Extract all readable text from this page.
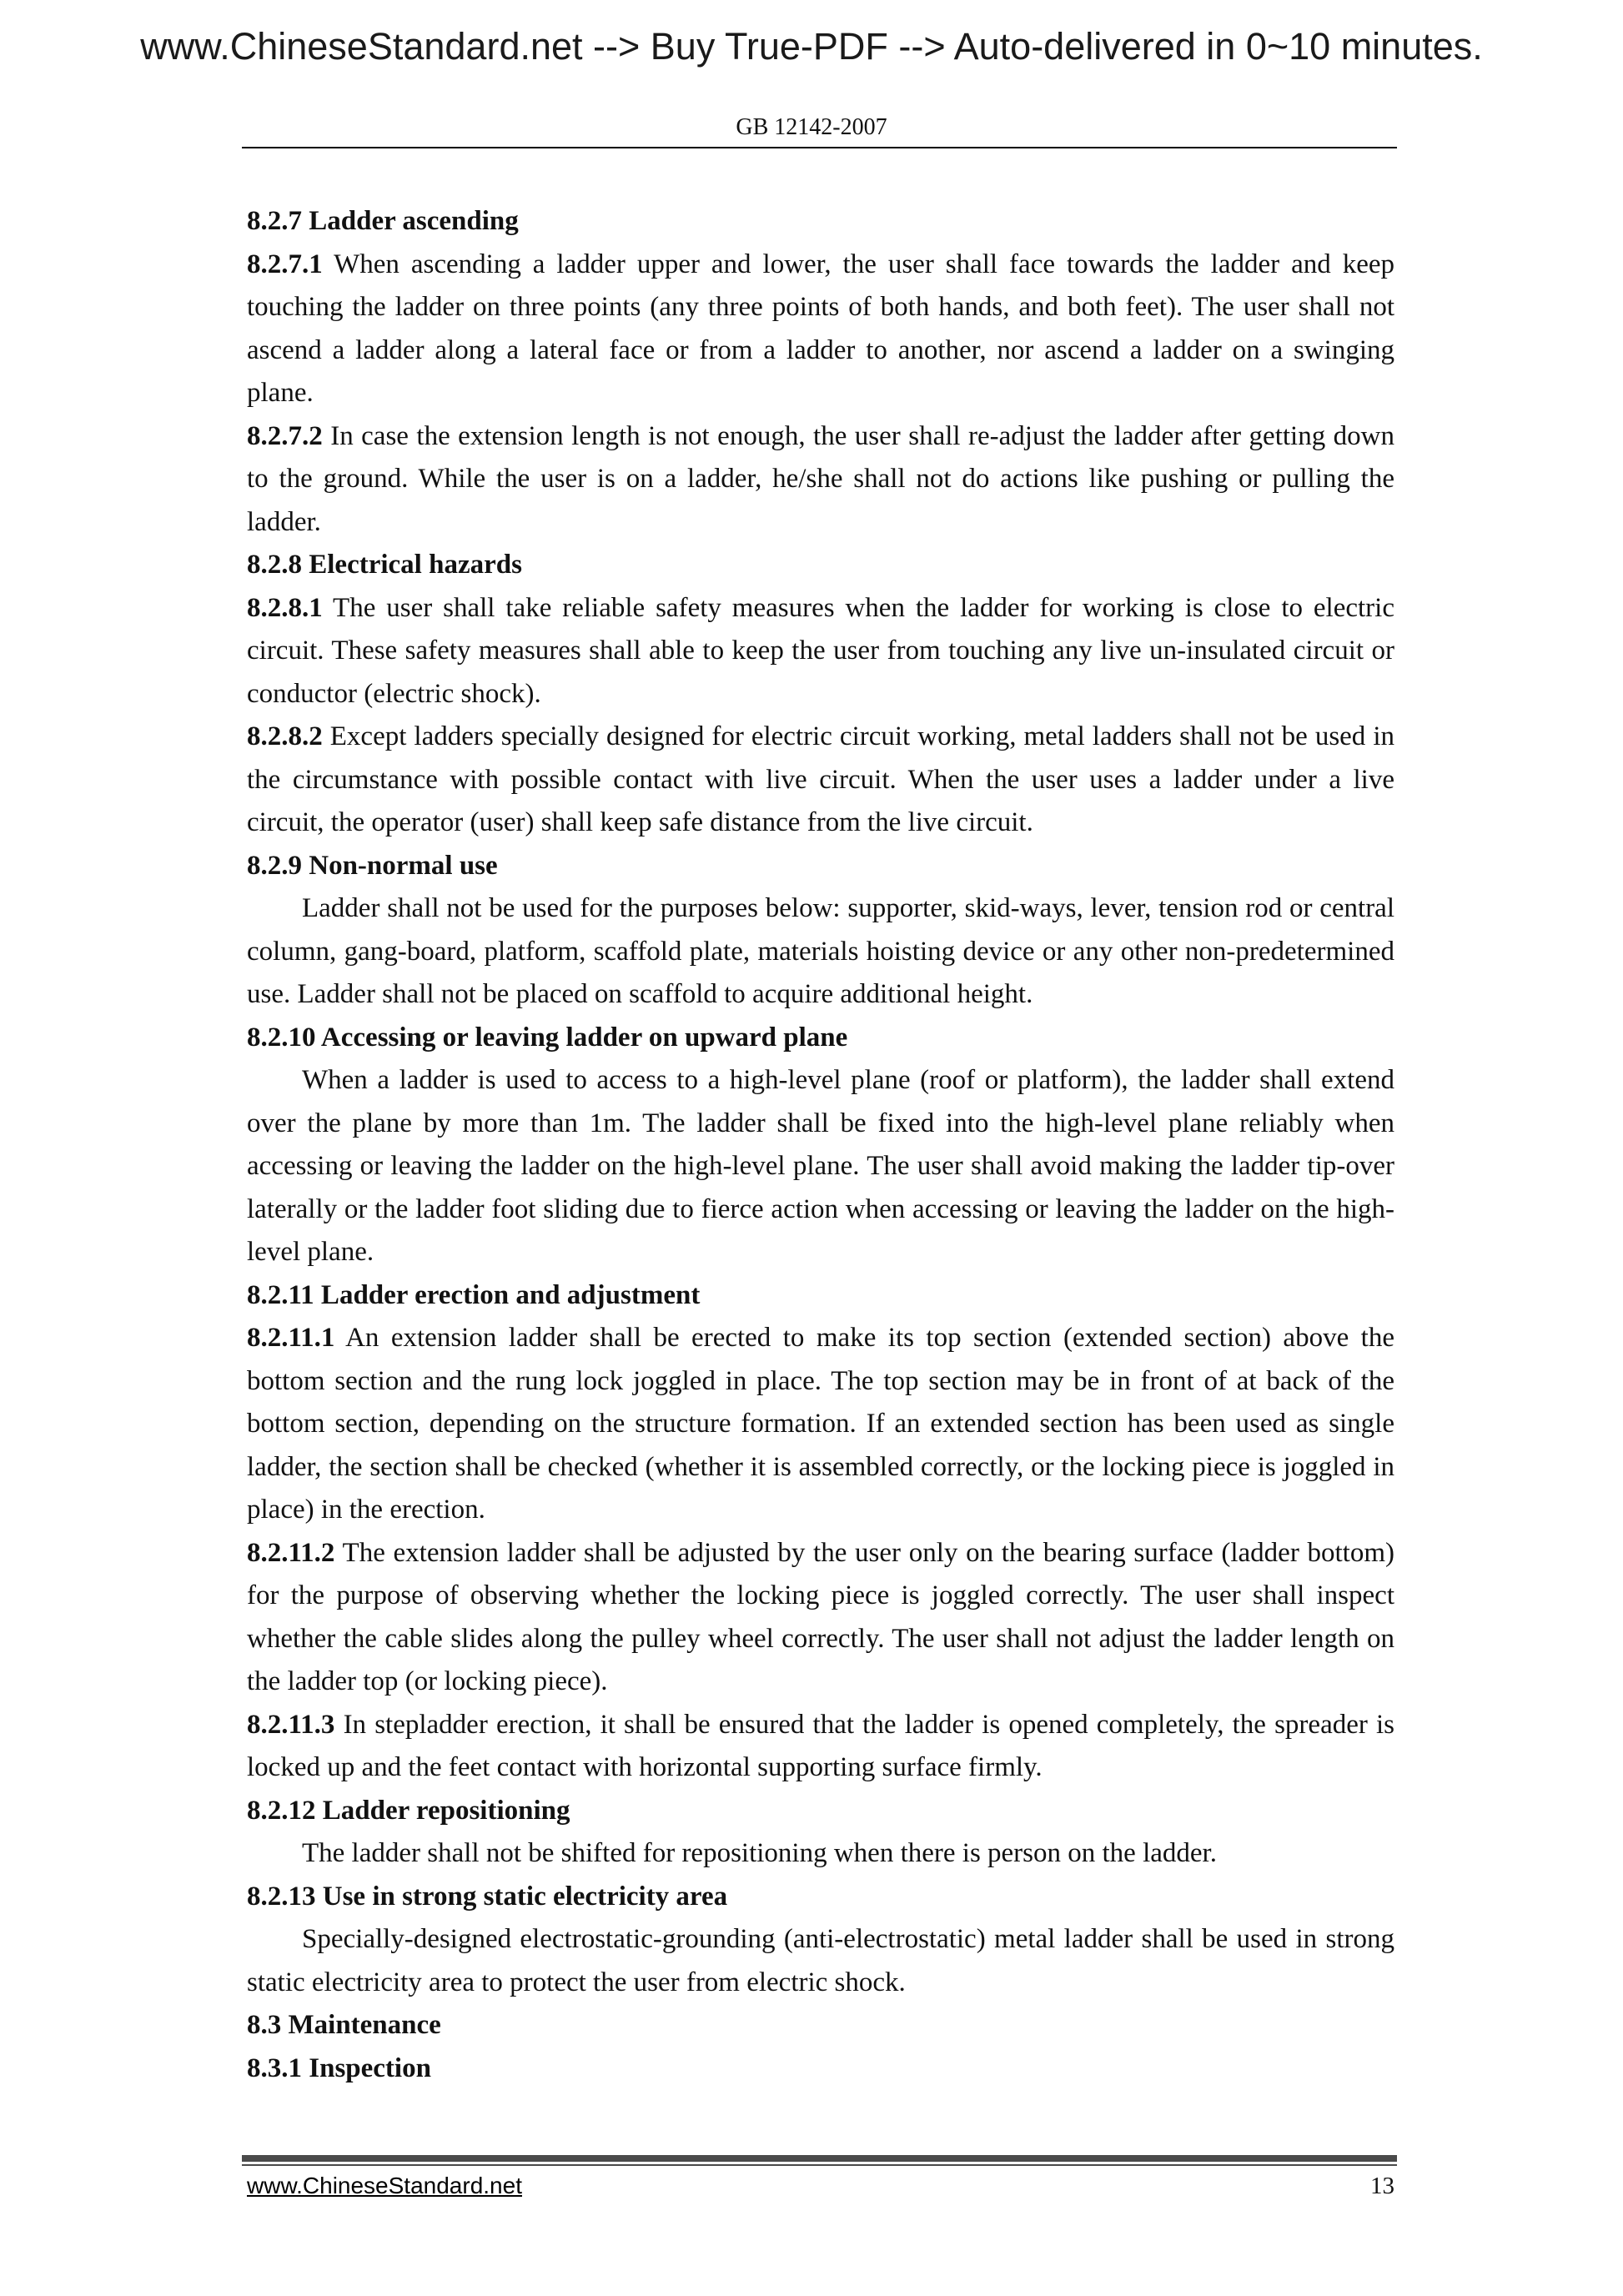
www.ChineseStandard.net --> Buy True-PDF --> Auto-delivered in 0~10 minutes.
GB 12142-2007

8.2.7 Ladder ascending

8.2.7.1 When ascending a ladder upper and lower, the user shall face towards the ladder and keep touching the ladder on three points (any three points of both hands, and both feet). The user shall not ascend a ladder along a lateral face or from a ladder to another, nor ascend a ladder on a swinging plane.

8.2.7.2 In case the extension length is not enough, the user shall re-adjust the ladder after getting down to the ground. While the user is on a ladder, he/she shall not do actions like pushing or pulling the ladder.

8.2.8 Electrical hazards

8.2.8.1 The user shall take reliable safety measures when the ladder for working is close to electric circuit. These safety measures shall able to keep the user from touching any live un-insulated circuit or conductor (electric shock).

8.2.8.2 Except ladders specially designed for electric circuit working, metal ladders shall not be used in the circumstance with possible contact with live circuit. When the user uses a ladder under a live circuit, the operator (user) shall keep safe distance from the live circuit.

8.2.9 Non-normal use

Ladder shall not be used for the purposes below: supporter, skid-ways, lever, tension rod or central column, gang-board, platform, scaffold plate, materials hoisting device or any other non-predetermined use. Ladder shall not be placed on scaffold to acquire additional height.

8.2.10 Accessing or leaving ladder on upward plane

When a ladder is used to access to a high-level plane (roof or platform), the ladder shall extend over the plane by more than 1m. The ladder shall be fixed into the high-level plane reliably when accessing or leaving the ladder on the high-level plane. The user shall avoid making the ladder tip-over laterally or the ladder foot sliding due to fierce action when accessing or leaving the ladder on the high-level plane.

8.2.11 Ladder erection and adjustment

8.2.11.1 An extension ladder shall be erected to make its top section (extended section) above the bottom section and the rung lock joggled in place. The top section may be in front of at back of the bottom section, depending on the structure formation. If an extended section has been used as single ladder, the section shall be checked (whether it is assembled correctly, or the locking piece is joggled in place) in the erection.

8.2.11.2 The extension ladder shall be adjusted by the user only on the bearing surface (ladder bottom) for the purpose of observing whether the locking piece is joggled correctly. The user shall inspect whether the cable slides along the pulley wheel correctly. The user shall not adjust the ladder length on the ladder top (or locking piece).

8.2.11.3 In stepladder erection, it shall be ensured that the ladder is opened completely, the spreader is locked up and the feet contact with horizontal supporting surface firmly.

8.2.12 Ladder repositioning

The ladder shall not be shifted for repositioning when there is person on the ladder.

8.2.13 Use in strong static electricity area

Specially-designed electrostatic-grounding (anti-electrostatic) metal ladder shall be used in strong static electricity area to protect the user from electric shock.

8.3 Maintenance

8.3.1 Inspection

www.ChineseStandard.net	13
